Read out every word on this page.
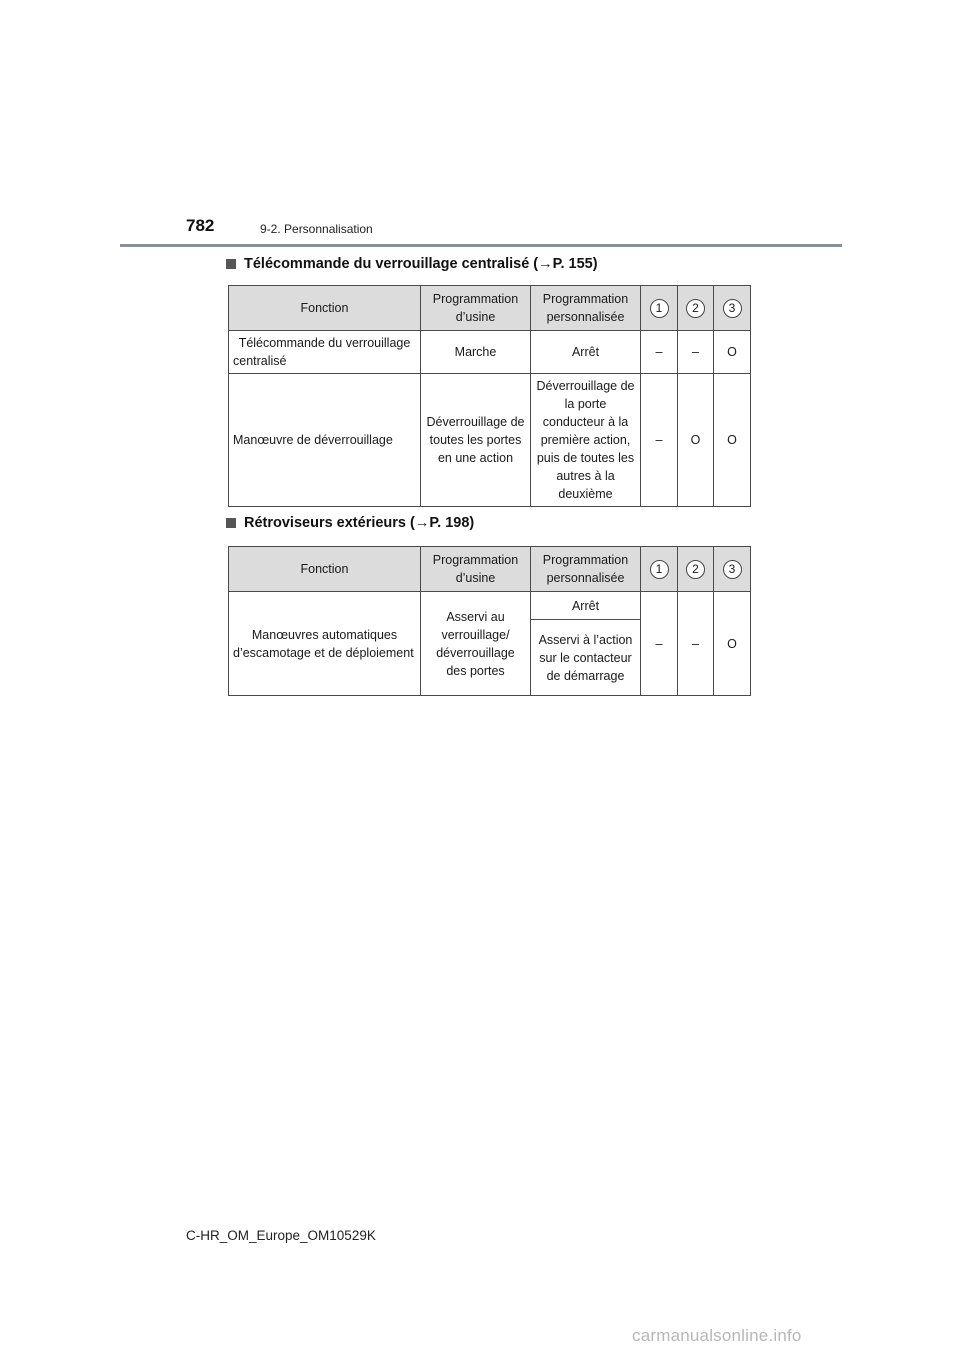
782	9-2. Personnalisation
Télécommande du verrouillage centralisé ( → P. 155)
Fonction	Programmation d’usine	Programmation personnalisée	1	2	3
Télécommande du verrouillage centralisé	Marche	Arrêt	–	–	O
Manœuvre de déverrouillage	Déverrouillage de toutes les portes en une action	Déverrouillage de la porte conducteur à la première action, puis de toutes les autres à la deuxième	–	O	O
Rétroviseurs extérieurs ( → P. 198)
Fonction	Programmation d’usine	Programmation personnalisée	1	2	3
Manœuvres automatiques d’escamotage et de déploiement	Asservi au verrouillage/ déverrouillage des portes	Arrêt	–	–	O
		Asservi à l’action sur le contacteur de démarrage			
C-HR_OM_Europe_OM10529K
carmanualsonline.info
